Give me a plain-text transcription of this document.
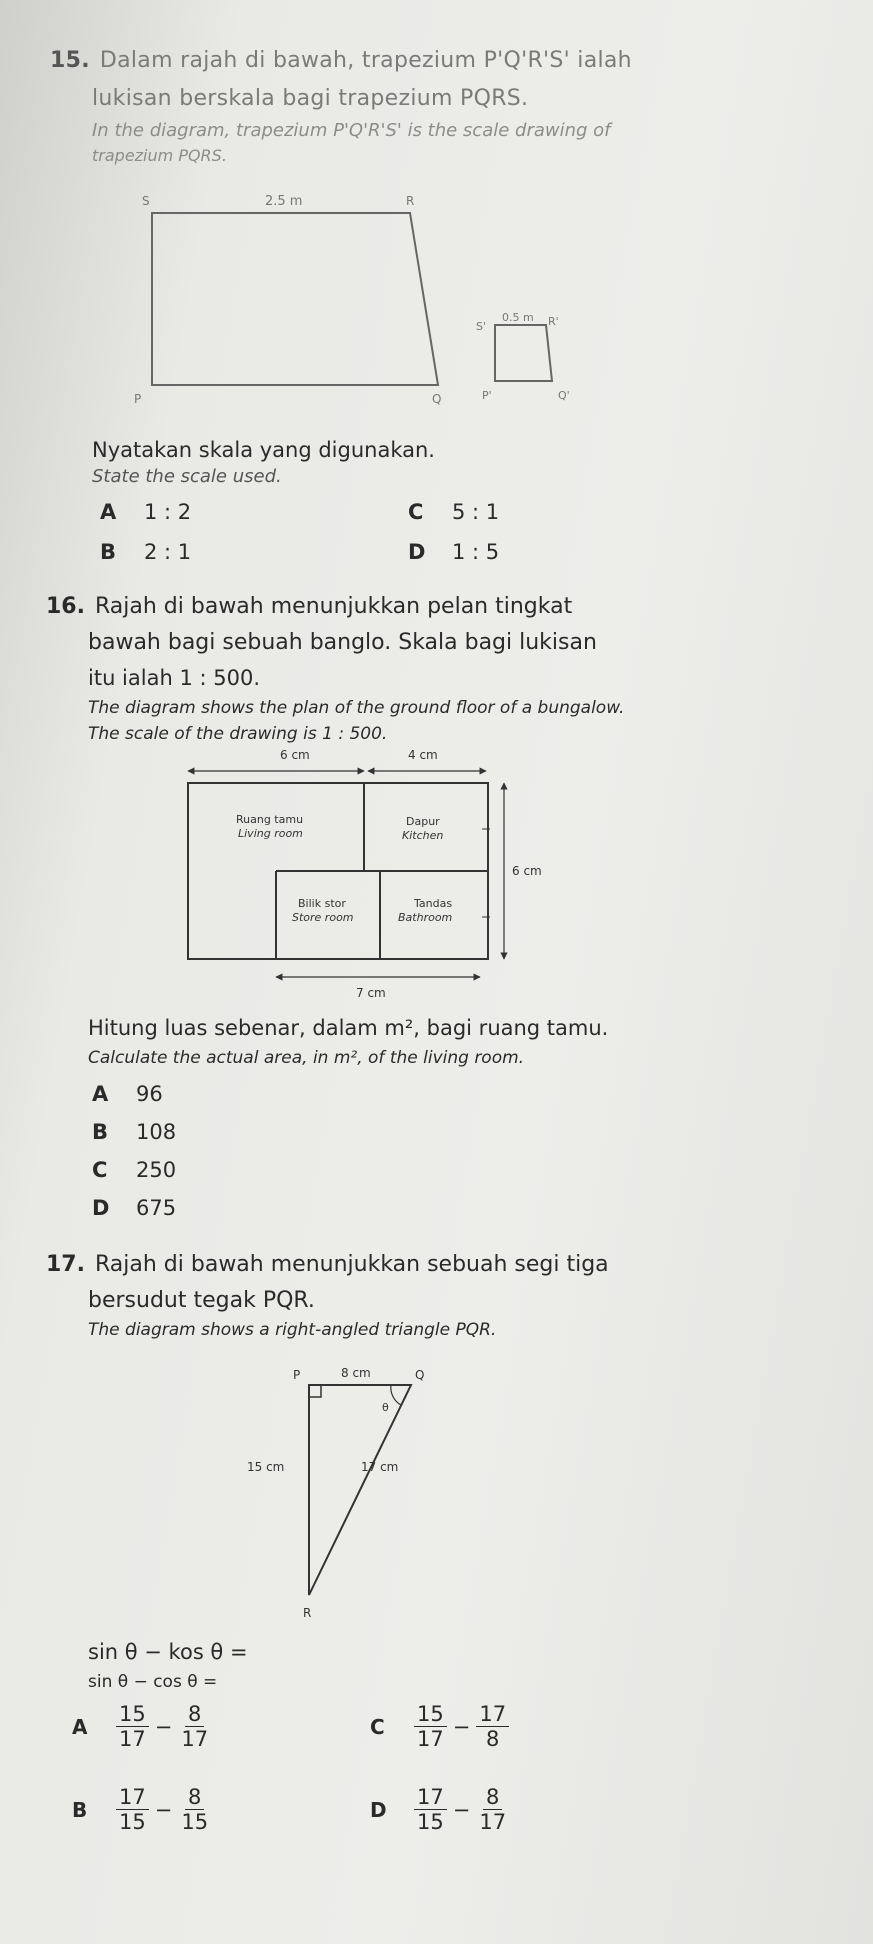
15. Dalam rajah di bawah, trapezium P'Q'R'S' ialah
lukisan berskala bagi trapezium PQRS.
In the diagram, trapezium P'Q'R'S' is the scale drawing of
trapezium PQRS.
S	R
P	Q
2.5 m
S'	R'
P'	Q'
0.5 m
Nyatakan skala yang digunakan.
State the scale used.
A 1 : 2
B 2 : 1
C 5 : 1
D 1 : 5
16. Rajah di bawah menunjukkan pelan tingkat
bawah bagi sebuah banglo. Skala bagi lukisan
itu ialah 1 : 500.
The diagram shows the plan of the ground floor of a bungalow.
The scale of the drawing is 1 : 500.
6 cm	4 cm
Ruang tamu
Living room
Dapur
Kitchen
Bilik stor
Store room
Tandas
Bathroom
6 cm
7 cm
Hitung luas sebenar, dalam m², bagi ruang tamu.
Calculate the actual area, in m², of the living room.
A 96
B 108
C 250
D 675
17. Rajah di bawah menunjukkan sebuah segi tiga
bersudut tegak PQR.
The diagram shows a right-angled triangle PQR.
θ
P	Q
R
8 cm
15 cm	17 cm
sin θ − kos θ =
sin θ − cos θ =
A	$\frac{15}{17} - \frac{8}{17}$
B	$\frac{17}{15} - \frac{8}{15}$
C	$\frac{15}{17} - \frac{17}{8}$
D	$\frac{17}{15} - \frac{8}{17}$
